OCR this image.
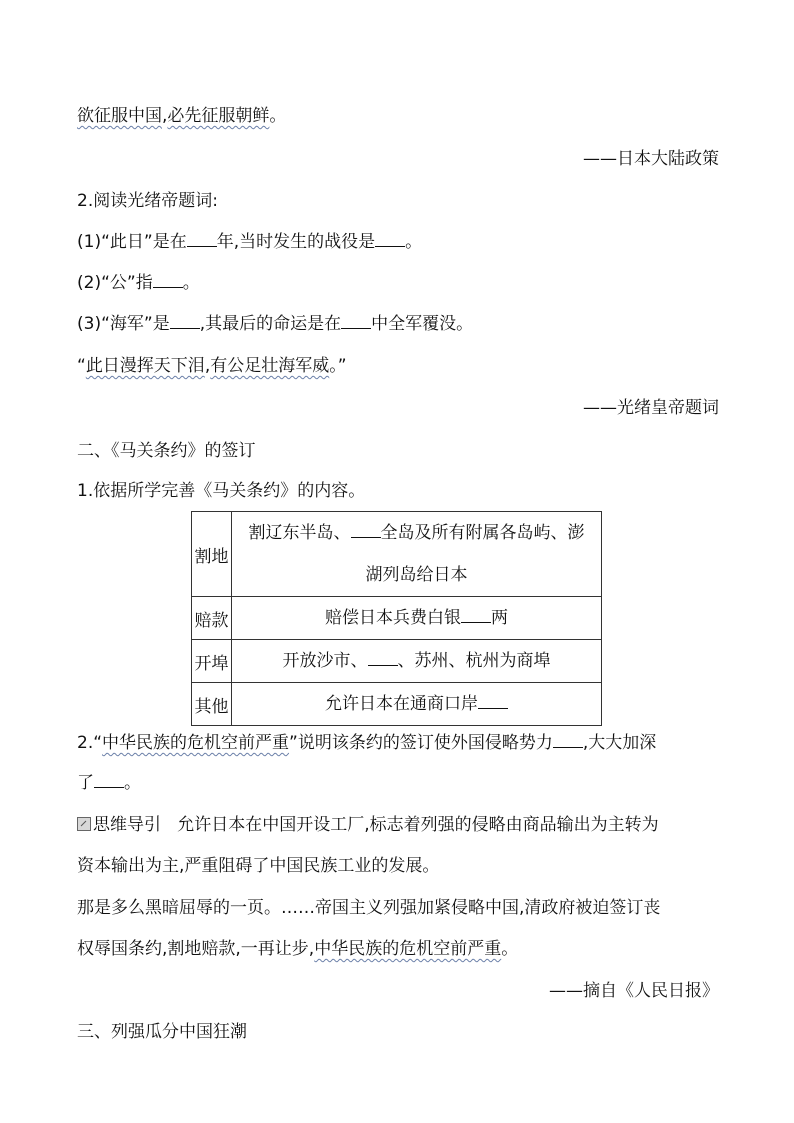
欲征服中国,必先征服朝鲜。
——日本大陆政策
2.阅读光绪帝题词:
(1)“此日”是在 年,当时发生的战役是 。
(2)“公”指 。
(3)“海军”是 ,其最后的命运是在 中全军覆没。
“此日漫挥天下泪,有公足壮海军威。”
——光绪皇帝题词
二、《马关条约》的签订
1.依据所学完善《马关条约》的内容。
割地	割辽东半岛、 全岛及所有附属各岛屿、澎
湖列岛给日本

赔款	赔偿日本兵费白银 两
开埠	开放沙市、 、苏州、杭州为商埠
其他	允许日本在通商口岸
2.“中华民族的危机空前严重”说明该条约的签订使外国侵略势力 ,大大加深
了 。
思维导引 允许日本在中国开设工厂,标志着列强的侵略由商品输出为主转为
资本输出为主,严重阻碍了中国民族工业的发展。
那是多么黑暗屈辱的一页。……帝国主义列强加紧侵略中国,清政府被迫签订丧
权辱国条约,割地赔款,一再让步,中华民族的危机空前严重。
——摘自《人民日报》
三、列强瓜分中国狂潮
